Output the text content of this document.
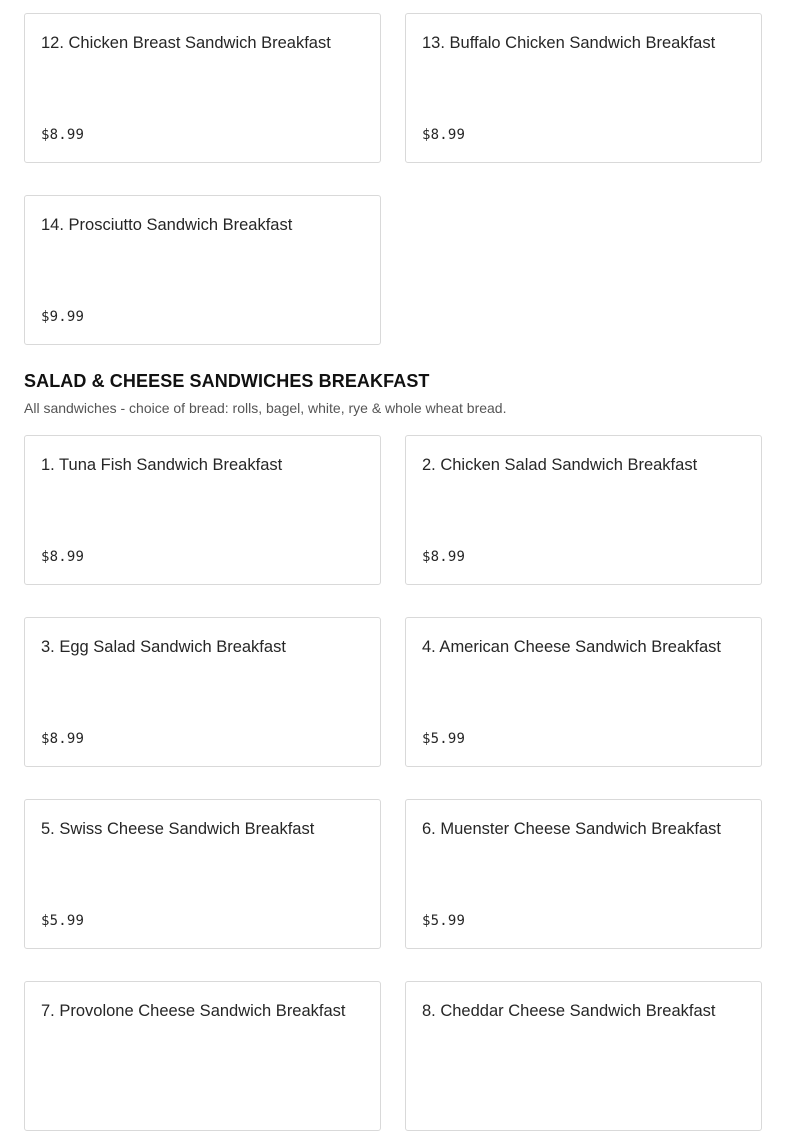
12. Chicken Breast Sandwich Breakfast
$8.99
13. Buffalo Chicken Sandwich Breakfast
$8.99
14. Prosciutto Sandwich Breakfast
$9.99
SALAD & CHEESE SANDWICHES BREAKFAST

All sandwiches - choice of bread: rolls, bagel, white, rye & whole wheat bread.

1. Tuna Fish Sandwich Breakfast
$8.99
2. Chicken Salad Sandwich Breakfast
$8.99
3. Egg Salad Sandwich Breakfast
$8.99
4. American Cheese Sandwich Breakfast
$5.99
5. Swiss Cheese Sandwich Breakfast
$5.99
6. Muenster Cheese Sandwich Breakfast
$5.99
7. Provolone Cheese Sandwich Breakfast	8. Cheddar Cheese Sandwich Breakfast
